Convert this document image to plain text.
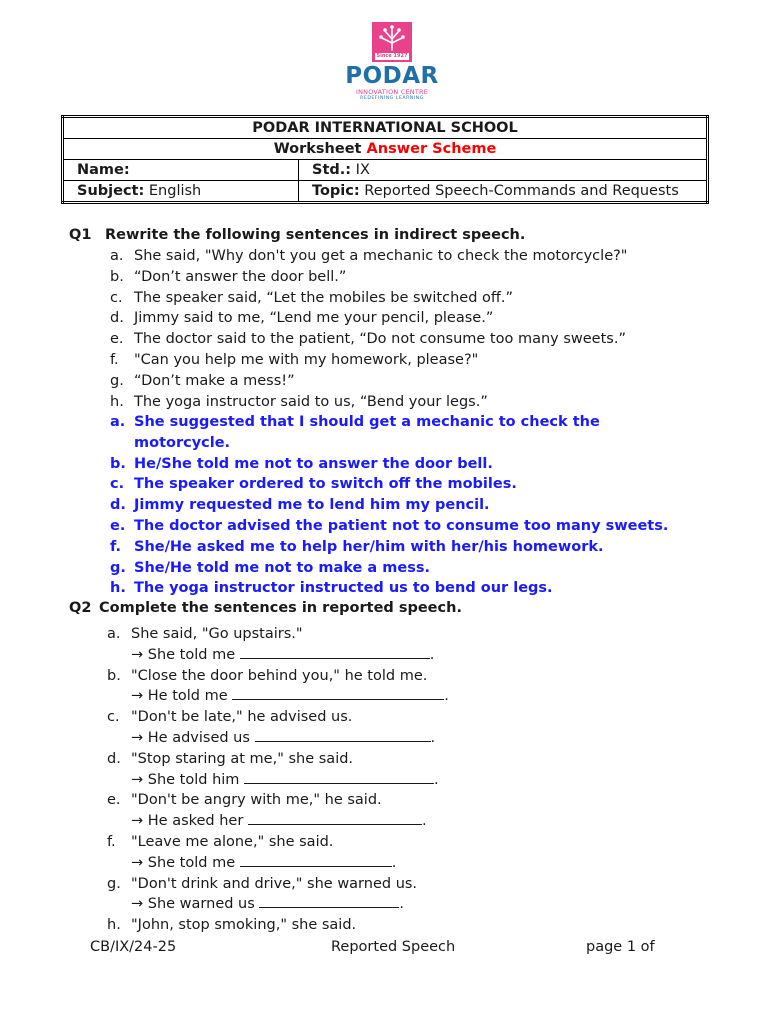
Since 1927
PODAR
INNOVATION CENTRE
REDEFINING LEARNING
PODAR INTERNATIONAL SCHOOL	
Worksheet Answer Scheme	
Name:	Std.: IX
Subject: English	Topic: Reported Speech-Commands and Requests
Q1 Rewrite the following sentences in indirect speech.
a. She said, "Why don't you get a mechanic to check the motorcycle?"
b. “Don’t answer the door bell.”
c. The speaker said, “Let the mobiles be switched off.”
d. Jimmy said to me, “Lend me your pencil, please.”
e. The doctor said to the patient, “Do not consume too many sweets.”
f.	"Can you help me with my homework, please?"
g. “Don’t make a mess!”
h. The yoga instructor said to us, “Bend your legs.”
a. She suggested that I should get a mechanic to check the motorcycle.
b. He/She told me not to answer the door bell.
c. The speaker ordered to switch off the mobiles.
d. Jimmy requested me to lend him my pencil.
e. The doctor advised the patient not to consume too many sweets.
f. She/He asked me to help her/him with her/his homework.
g. She/He told me not to make a mess.
h. The yoga instructor instructed us to bend our legs.
Q2 Complete the sentences in reported speech.
a. She said, "Go upstairs."
→ She told me	.
b. "Close the door behind you," he told me.
→ He told me	.
c. "Don't be late," he advised us.
→ He advised us	.
d. "Stop staring at me," she said.
→ She told him	.
e. "Don't be angry with me," he said.
→ He asked her	.
f.	"Leave me alone," she said.
→ She told me	.
g. "Don't drink and drive," she warned us.
→ She warned us	.
h. "John, stop smoking," she said.
CB/IX/24-25	Reported Speech	page 1 of
